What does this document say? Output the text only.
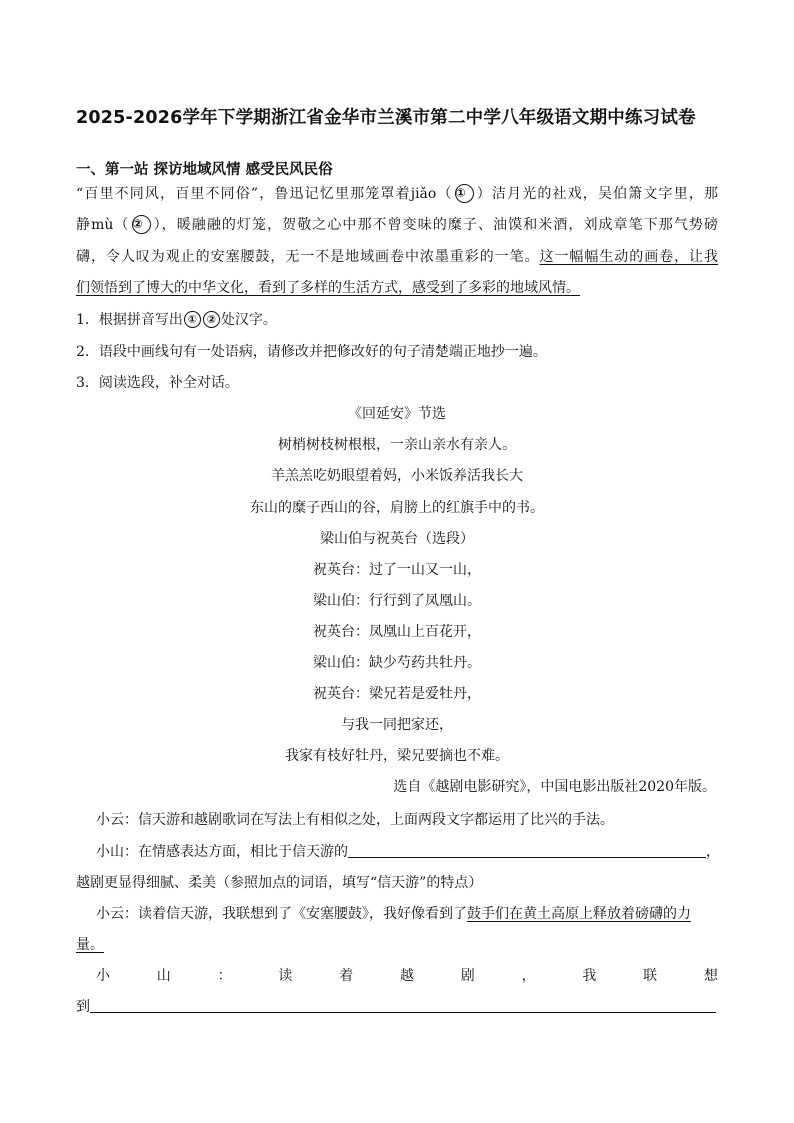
2025-2026学年下学期浙江省金华市兰溪市第二中学八年级语文期中练习试卷
一、第一站 探访地域风情 感受民风民俗
“百里不同风，百里不同俗”，鲁迅记忆里那笼罩着jiǎo（ ① ）洁月光的社戏，吴伯箫文字里，那
静mù（ ② ），暖融融的灯笼，贺敬之心中那不曾变味的糜子、油馍和米酒，刘成章笔下那气势磅
礴，令人叹为观止的安塞腰鼓，无一不是地域画卷中浓墨重彩的一笔。这一幅幅生动的画卷，让我
们领悟到了博大的中华文化，看到了多样的生活方式，感受到了多彩的地域风情。
1．根据拼音写出 ① ② 处汉字。
2．语段中画线句有一处语病，请修改并把修改好的句子清楚端正地抄一遍。
3．阅读选段，补全对话。
《回延安》节选
树梢树枝树根根，一亲山亲水有亲人。
羊羔羔吃奶眼望着妈，小米饭养活我长大
东山的糜子西山的谷，肩膀上的红旗手中的书。
梁山伯与祝英台（选段）
祝英台：过了一山又一山，
梁山伯：行行到了凤凰山。
祝英台：凤凰山上百花开，
梁山伯：缺少芍药共牡丹。
祝英台：梁兄若是爱牡丹，
与我一同把家还，
我家有枝好牡丹，梁兄要摘也不难。
选自《越剧电影研究》，中国电影出版社2020年版。
小云：信天游和越剧歌词在写法上有相似之处，上面两段文字都运用了比兴的手法。
小山：在情感表达方面，相比于信天游的	，
越剧更显得细腻、柔美（参照加点的词语，填写“信天游”的特点）
小云：读着信天游，我联想到了《安塞腰鼓》，我好像看到了鼓手们在黄土高原上释放着磅礴的力
量。
小	山	：	读	着	越	剧	，	我	联	想
到
